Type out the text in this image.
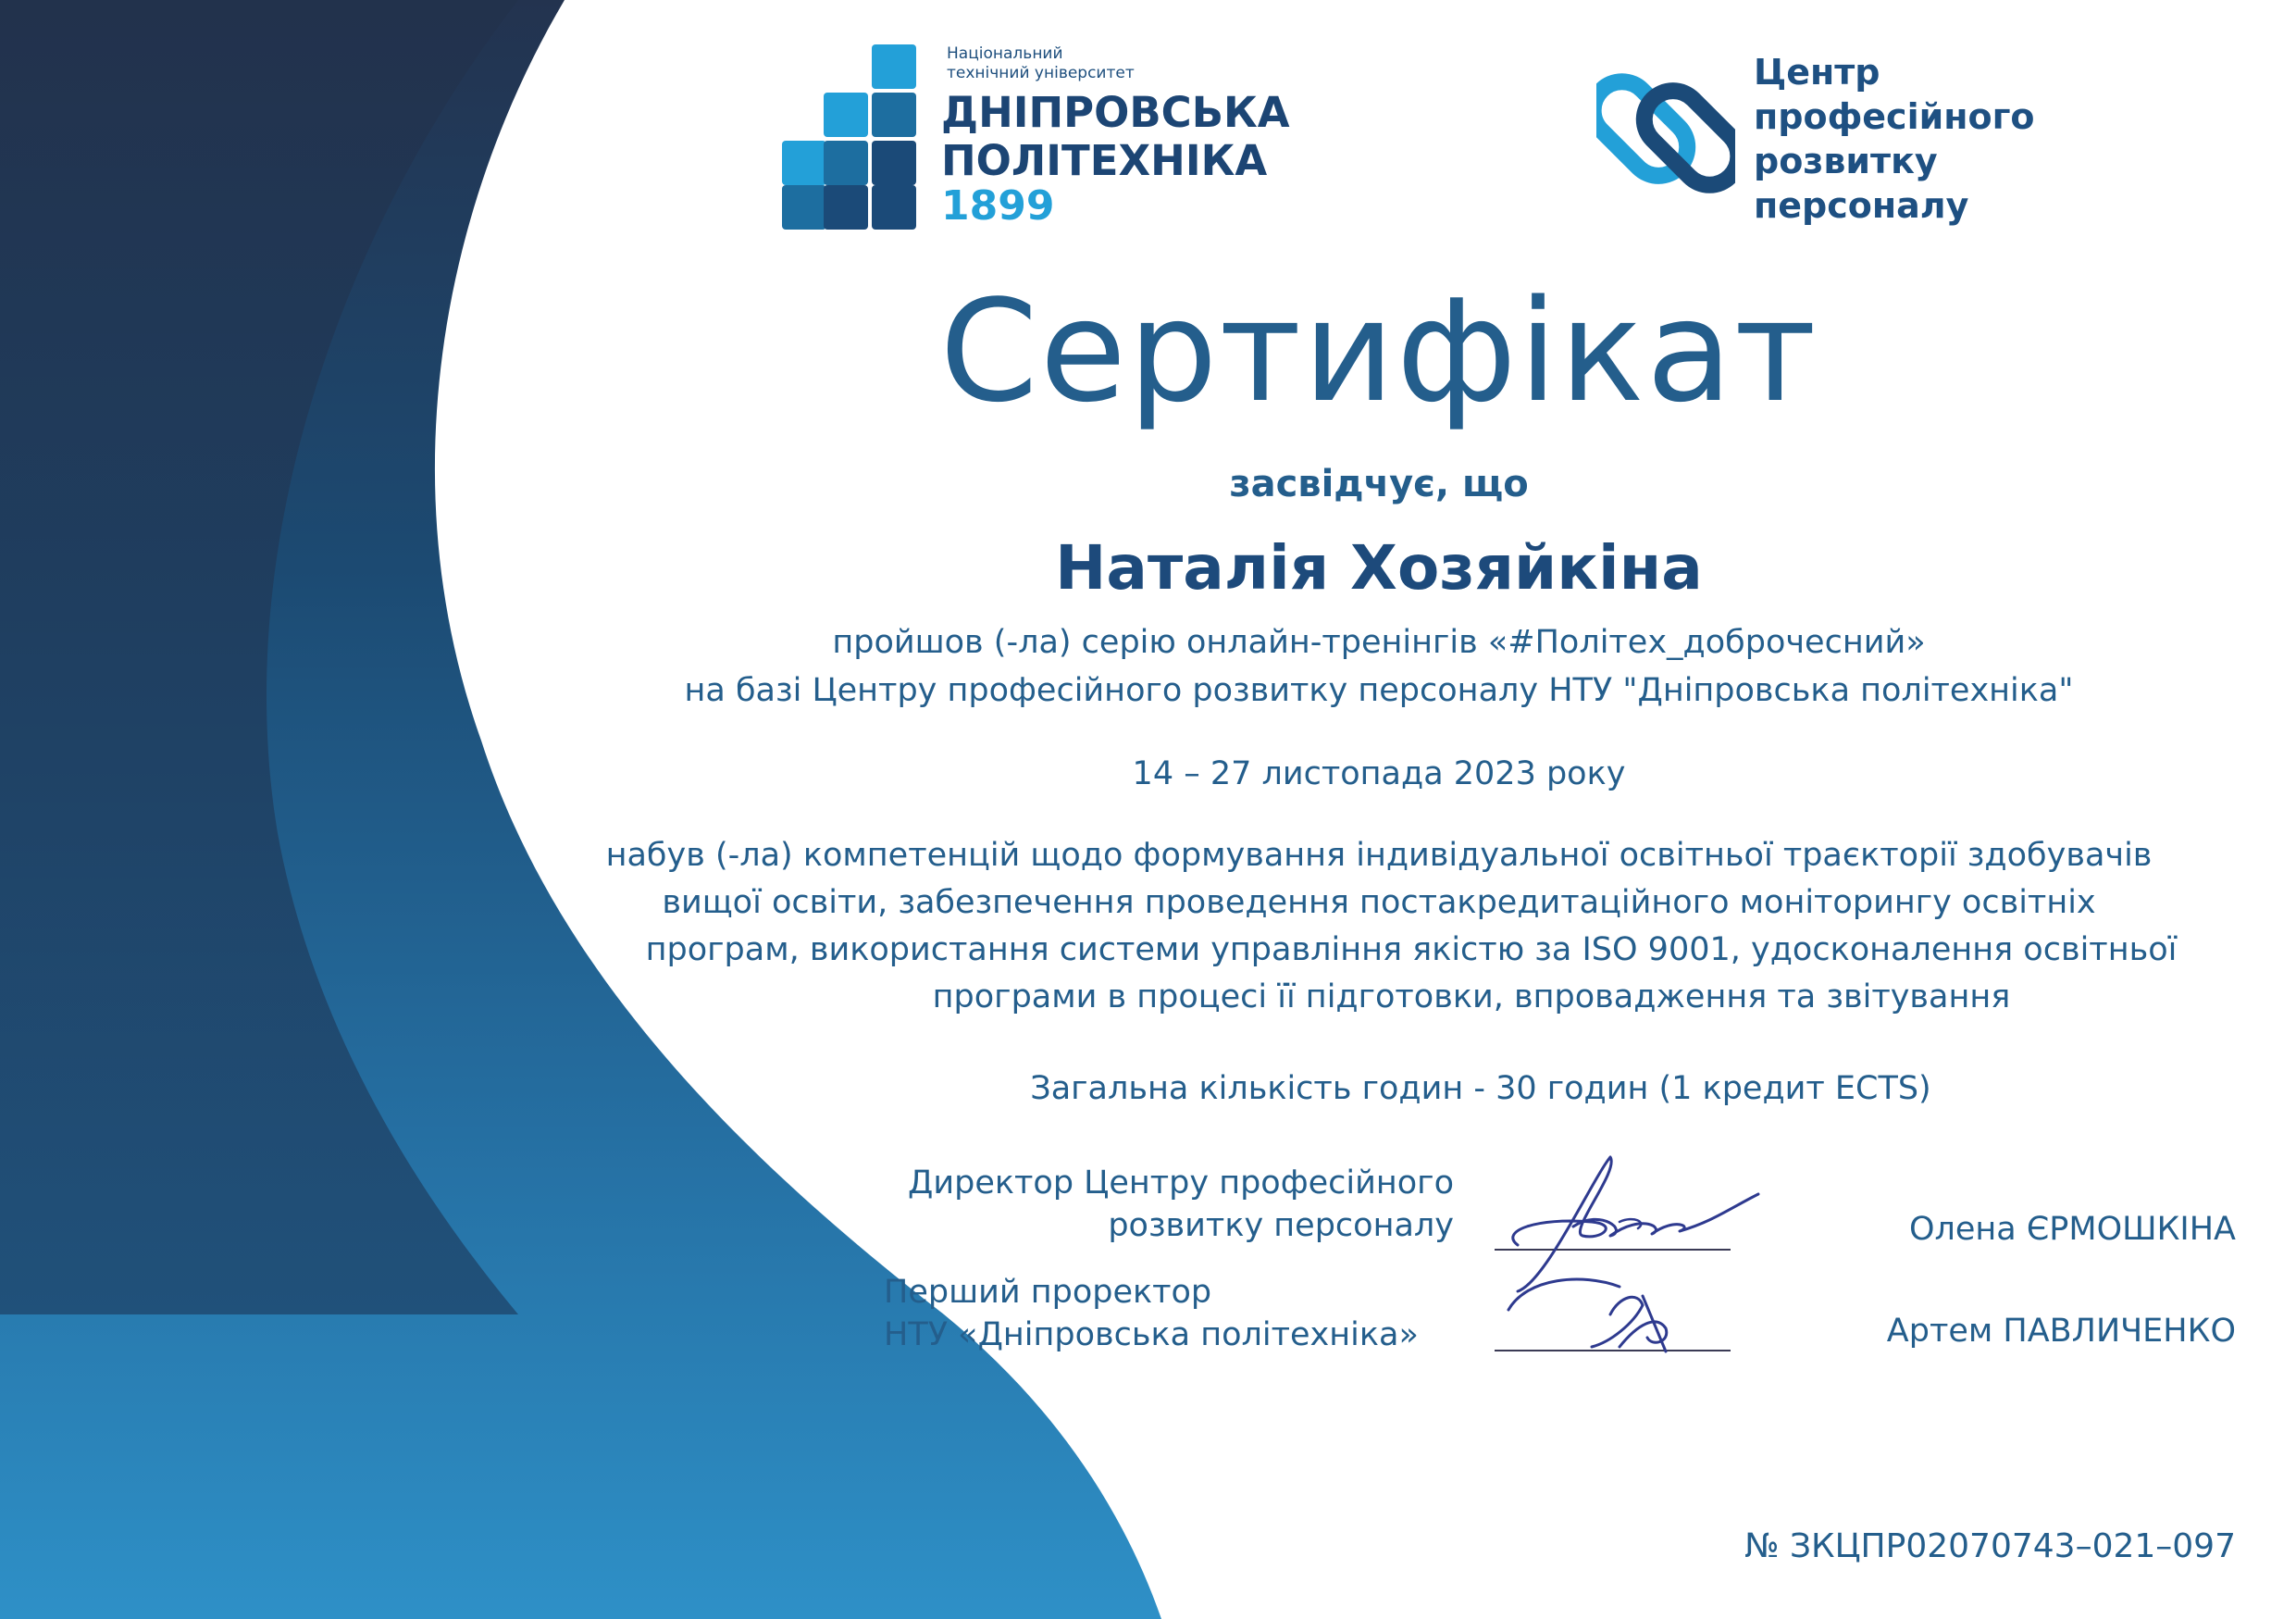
Національний
технічний університет
ДНІПРОВСЬКА
ПОЛІТЕХНІКА
1899
Центр
професійного
розвитку
персоналу
Сертифікат
засвідчує, що
Наталія Хозяйкіна
пройшов (-ла) серію онлайн-тренінгів «#Політех_доброчесний»
на базі Центру професійного розвитку персоналу НТУ "Дніпровська політехніка"
14 – 27 листопада 2023 року
набув (-ла) компетенцій щодо формування індивідуальної освітньої траєкторії здобувачів
вищої освіти, забезпечення проведення постакредитаційного моніторингу освітніх
програм, використання системи управління якістю за ISO 9001, удосконалення освітньої
програми в процесі її підготовки, впровадження та звітування
Загальна кількість годин - 30 годин (1 кредит ECTS)
Директор Центру професійного
розвитку персоналу	Олена ЄРМОШКІНА
Перший проректор
НТУ «Дніпровська політехніка»	Артем ПАВЛИЧЕНКО
№ ЗКЦПР02070743–021–097
